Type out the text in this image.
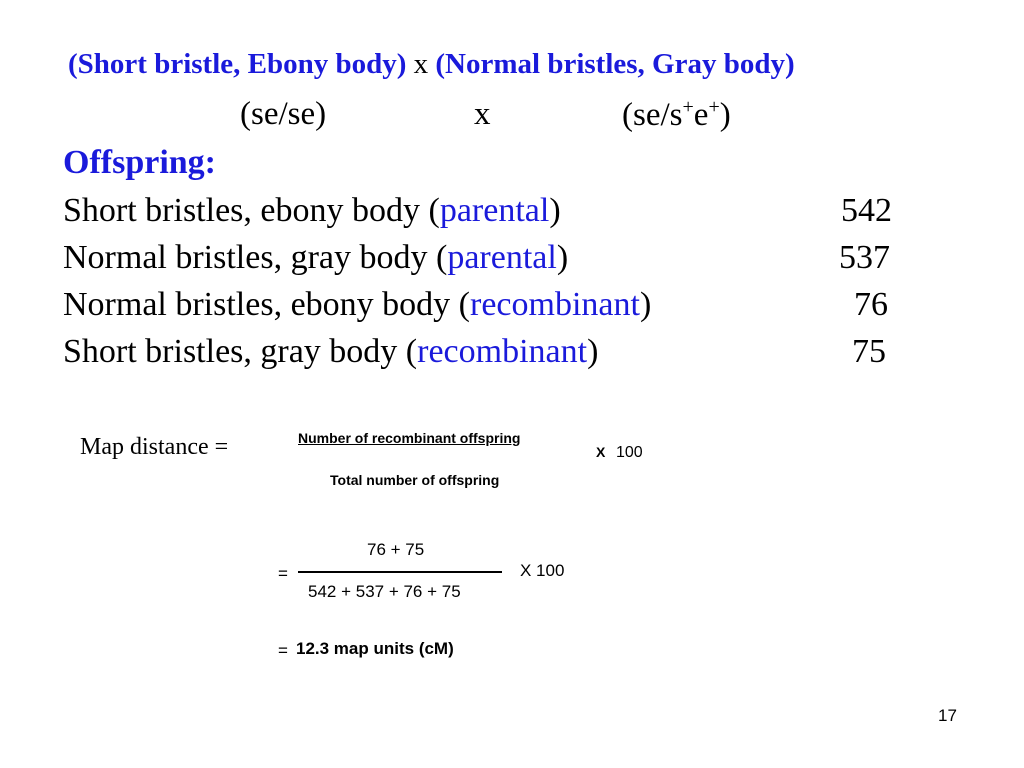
(Short bristle, Ebony body) x (Normal bristles, Gray body)
(se/se)	x	(se/s+e+)
Offspring:
Short bristles, ebony body (parental)	542
Normal bristles, gray body (parental)	537
Normal bristles, ebony body (recombinant)	76
Short bristles, gray body (recombinant)	75
Map distance =	Number of recombinant offspring
X 100
Total number of offspring
76 + 75
=	X 100
542 + 537 + 76 + 75
= 12.3 map units (cM)
17
